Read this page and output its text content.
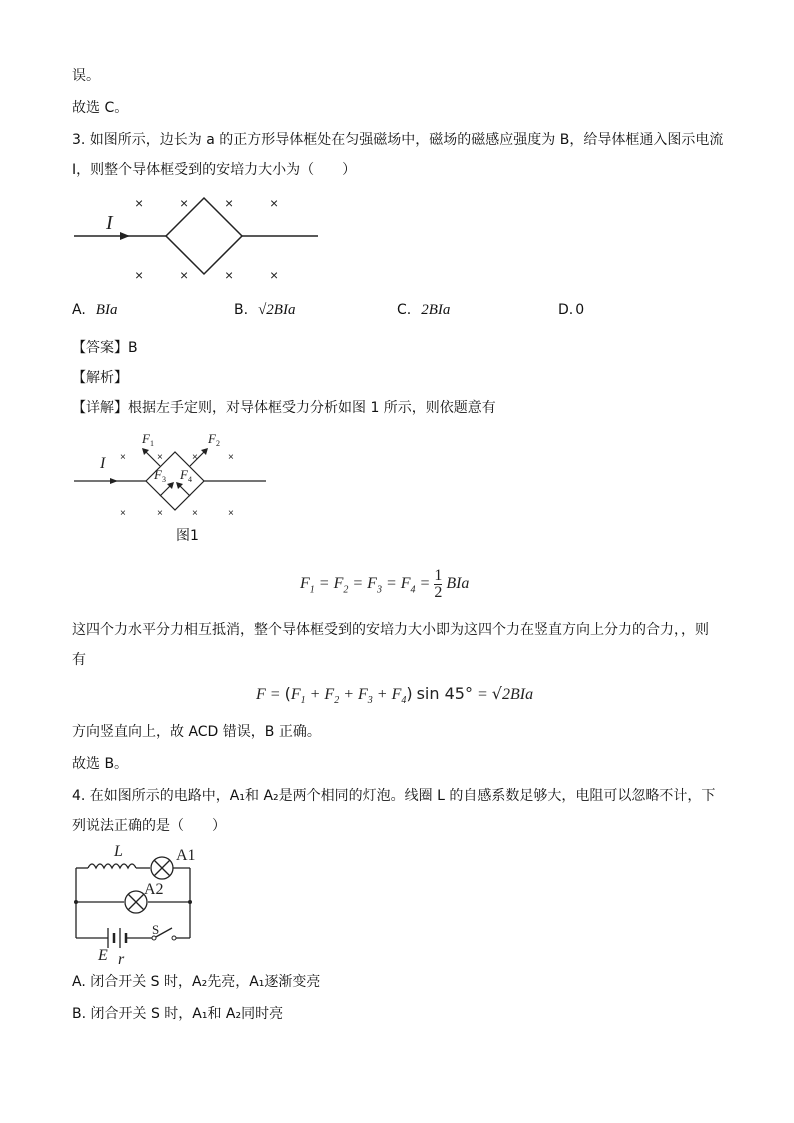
误。
故选 C。
3. 如图所示，边长为 a 的正方形导体框处在匀强磁场中，磁场的磁感应强度为 B，给导体框通入图示电流
I，则整个导体框受到的安培力大小为（　　）
×	×	×	×
×	×	×	×
I
A. BIa	B. √2BIa	C. 2BIa	D. 0
【答案】B
【解析】
【详解】根据左手定则，对导体框受力分析如图 1 所示，则依题意有
×	×	×	×
×	×	×	×
I
$F_1$	$F_2$
$F_3$ $F_4$
图1
$F_1 = F_2 = F_3 = F_4 = \frac{1}{2}$ BIa
这四个力水平分力相互抵消，整个导体框受到的安培力大小即为这四个力在竖直方向上分力的合力，，则
有
$F = (F_1 + F_2 + F_3 + F_4)$ sin 45° = √2BIa
方向竖直向上，故 ACD 错误，B 正确。
故选 B。
4. 在如图所示的电路中，A₁和 A₂是两个相同的灯泡。线圈 L 的自感系数足够大，电阻可以忽略不计，下
列说法正确的是（　　）
L	A1
A2
E r
S
A. 闭合开关 S 时，A₂先亮，A₁逐渐变亮
B. 闭合开关 S 时，A₁和 A₂同时亮
